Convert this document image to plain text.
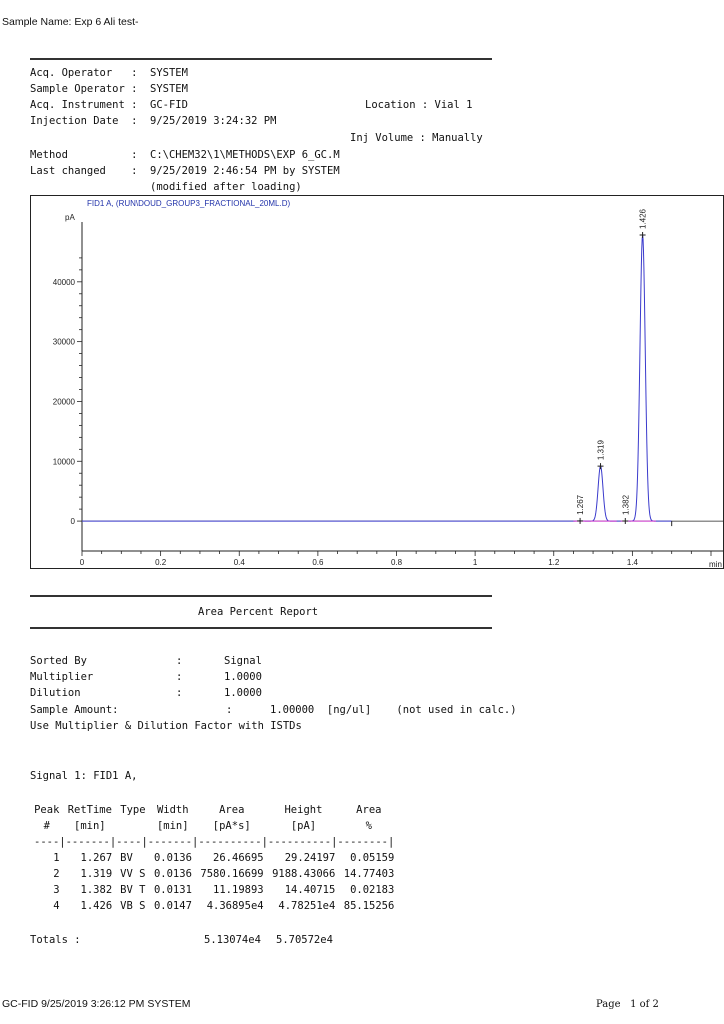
Sample Name: Exp 6 Ali test-
Acq. Operator   : SYSTEM
Sample Operator : SYSTEM
Acq. Instrument : GC-FID	Location : Vial 1
Injection Date  : 9/25/2019 3:24:32 PM
Inj Volume : Manually
Method          : C:\CHEM32\1\METHODS\EXP 6_GC.M
Last changed    : 9/25/2019 2:46:54 PM by SYSTEM
(modified after loading)
FID1 A, (RUN\DOUD_GROUP3_FRACTIONAL_20ML.D)
pA
min
0
10000
20000
30000
40000
0	0.2	0.4	0.6	0.8	1	1.2	1.4
1.267
1.319
1.382
1.426
Area Percent Report
Sorted By	:	Signal
Multiplier	:	1.0000
Dilution	:	1.0000
Sample Amount:	:	1.00000  [ng/ul]    (not used in calc.)
Use Multiplier & Dilution Factor with ISTDs
Signal 1: FID1 A,
Peak	RetTime	Type	Width	Area	Height	Area
#	[min]		[min]	[pA*s]	[pA]	%
----|-------|----|-------|----------|----------|--------|						
1	1.267	BV	0.0136	26.46695	29.24197	0.05159
2	1.319	VV S	0.0136	7580.16699	9188.43066	14.77403
3	1.382	BV T	0.0131	11.19893	14.40715	0.02183
4	1.426	VB S	0.0147	4.36895e4	4.78251e4	85.15256
Totals :	5.13074e4 5.70572e4
GC-FID 9/25/2019 3:26:12 PM SYSTEM	Page   1 of 2
